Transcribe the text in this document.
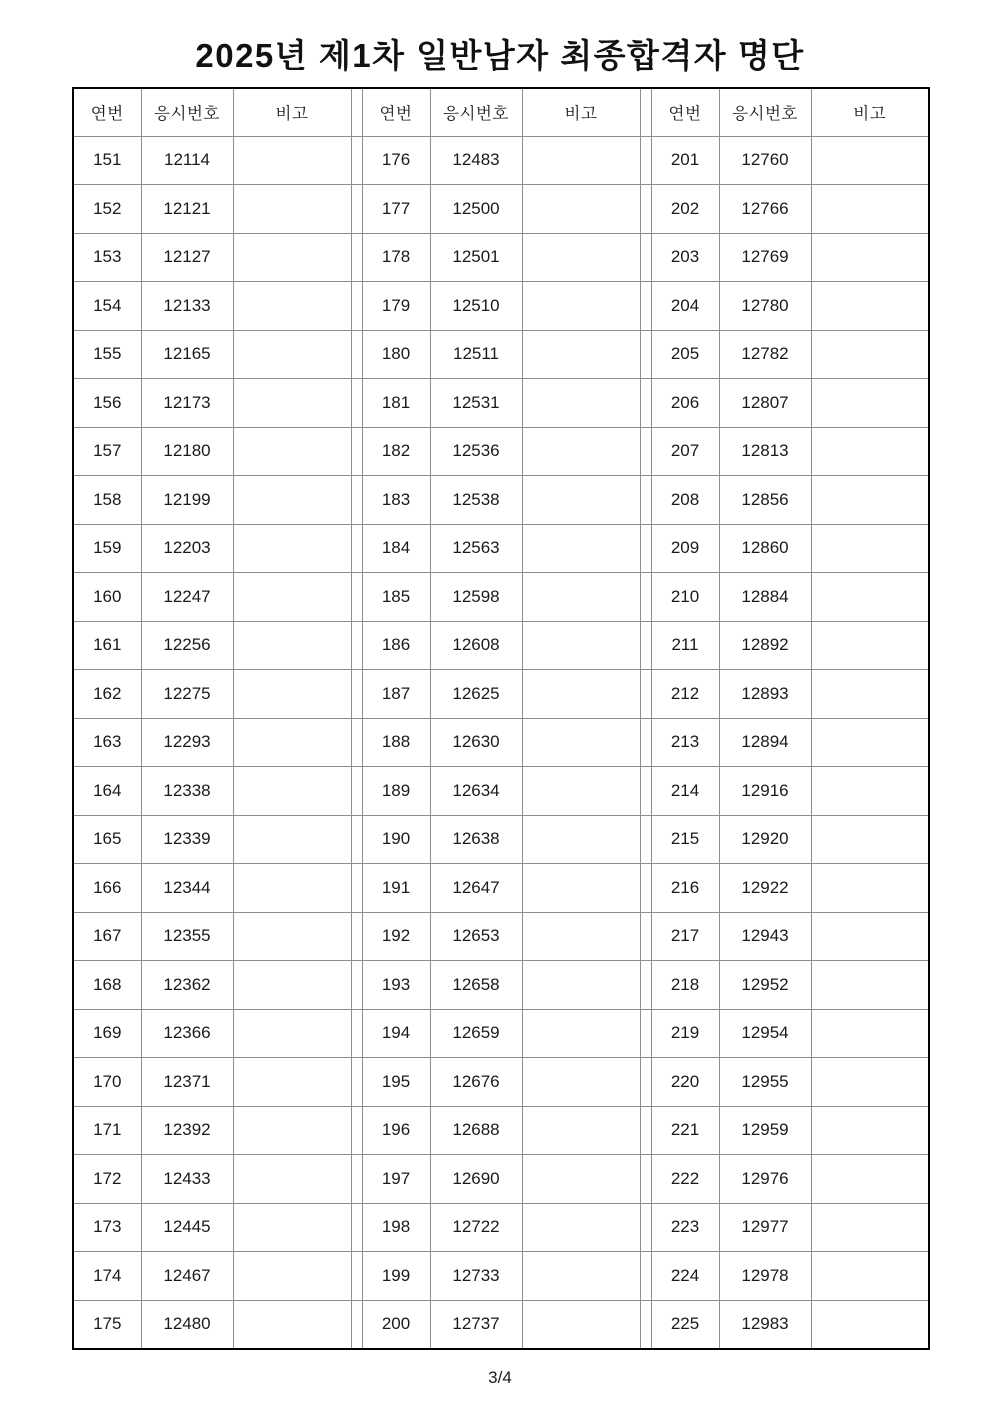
2025년 제1차 일반남자 최종합격자 명단
연번	응시번호	비고		연번	응시번호	비고		연번	응시번호	비고
151	12114			176	12483			201	12760	
152	12121			177	12500			202	12766	
153	12127			178	12501			203	12769	
154	12133			179	12510			204	12780	
155	12165			180	12511			205	12782	
156	12173			181	12531			206	12807	
157	12180			182	12536			207	12813	
158	12199			183	12538			208	12856	
159	12203			184	12563			209	12860	
160	12247			185	12598			210	12884	
161	12256			186	12608			211	12892	
162	12275			187	12625			212	12893	
163	12293			188	12630			213	12894	
164	12338			189	12634			214	12916	
165	12339			190	12638			215	12920	
166	12344			191	12647			216	12922	
167	12355			192	12653			217	12943	
168	12362			193	12658			218	12952	
169	12366			194	12659			219	12954	
170	12371			195	12676			220	12955	
171	12392			196	12688			221	12959	
172	12433			197	12690			222	12976	
173	12445			198	12722			223	12977	
174	12467			199	12733			224	12978	
175	12480			200	12737			225	12983	
3/4
